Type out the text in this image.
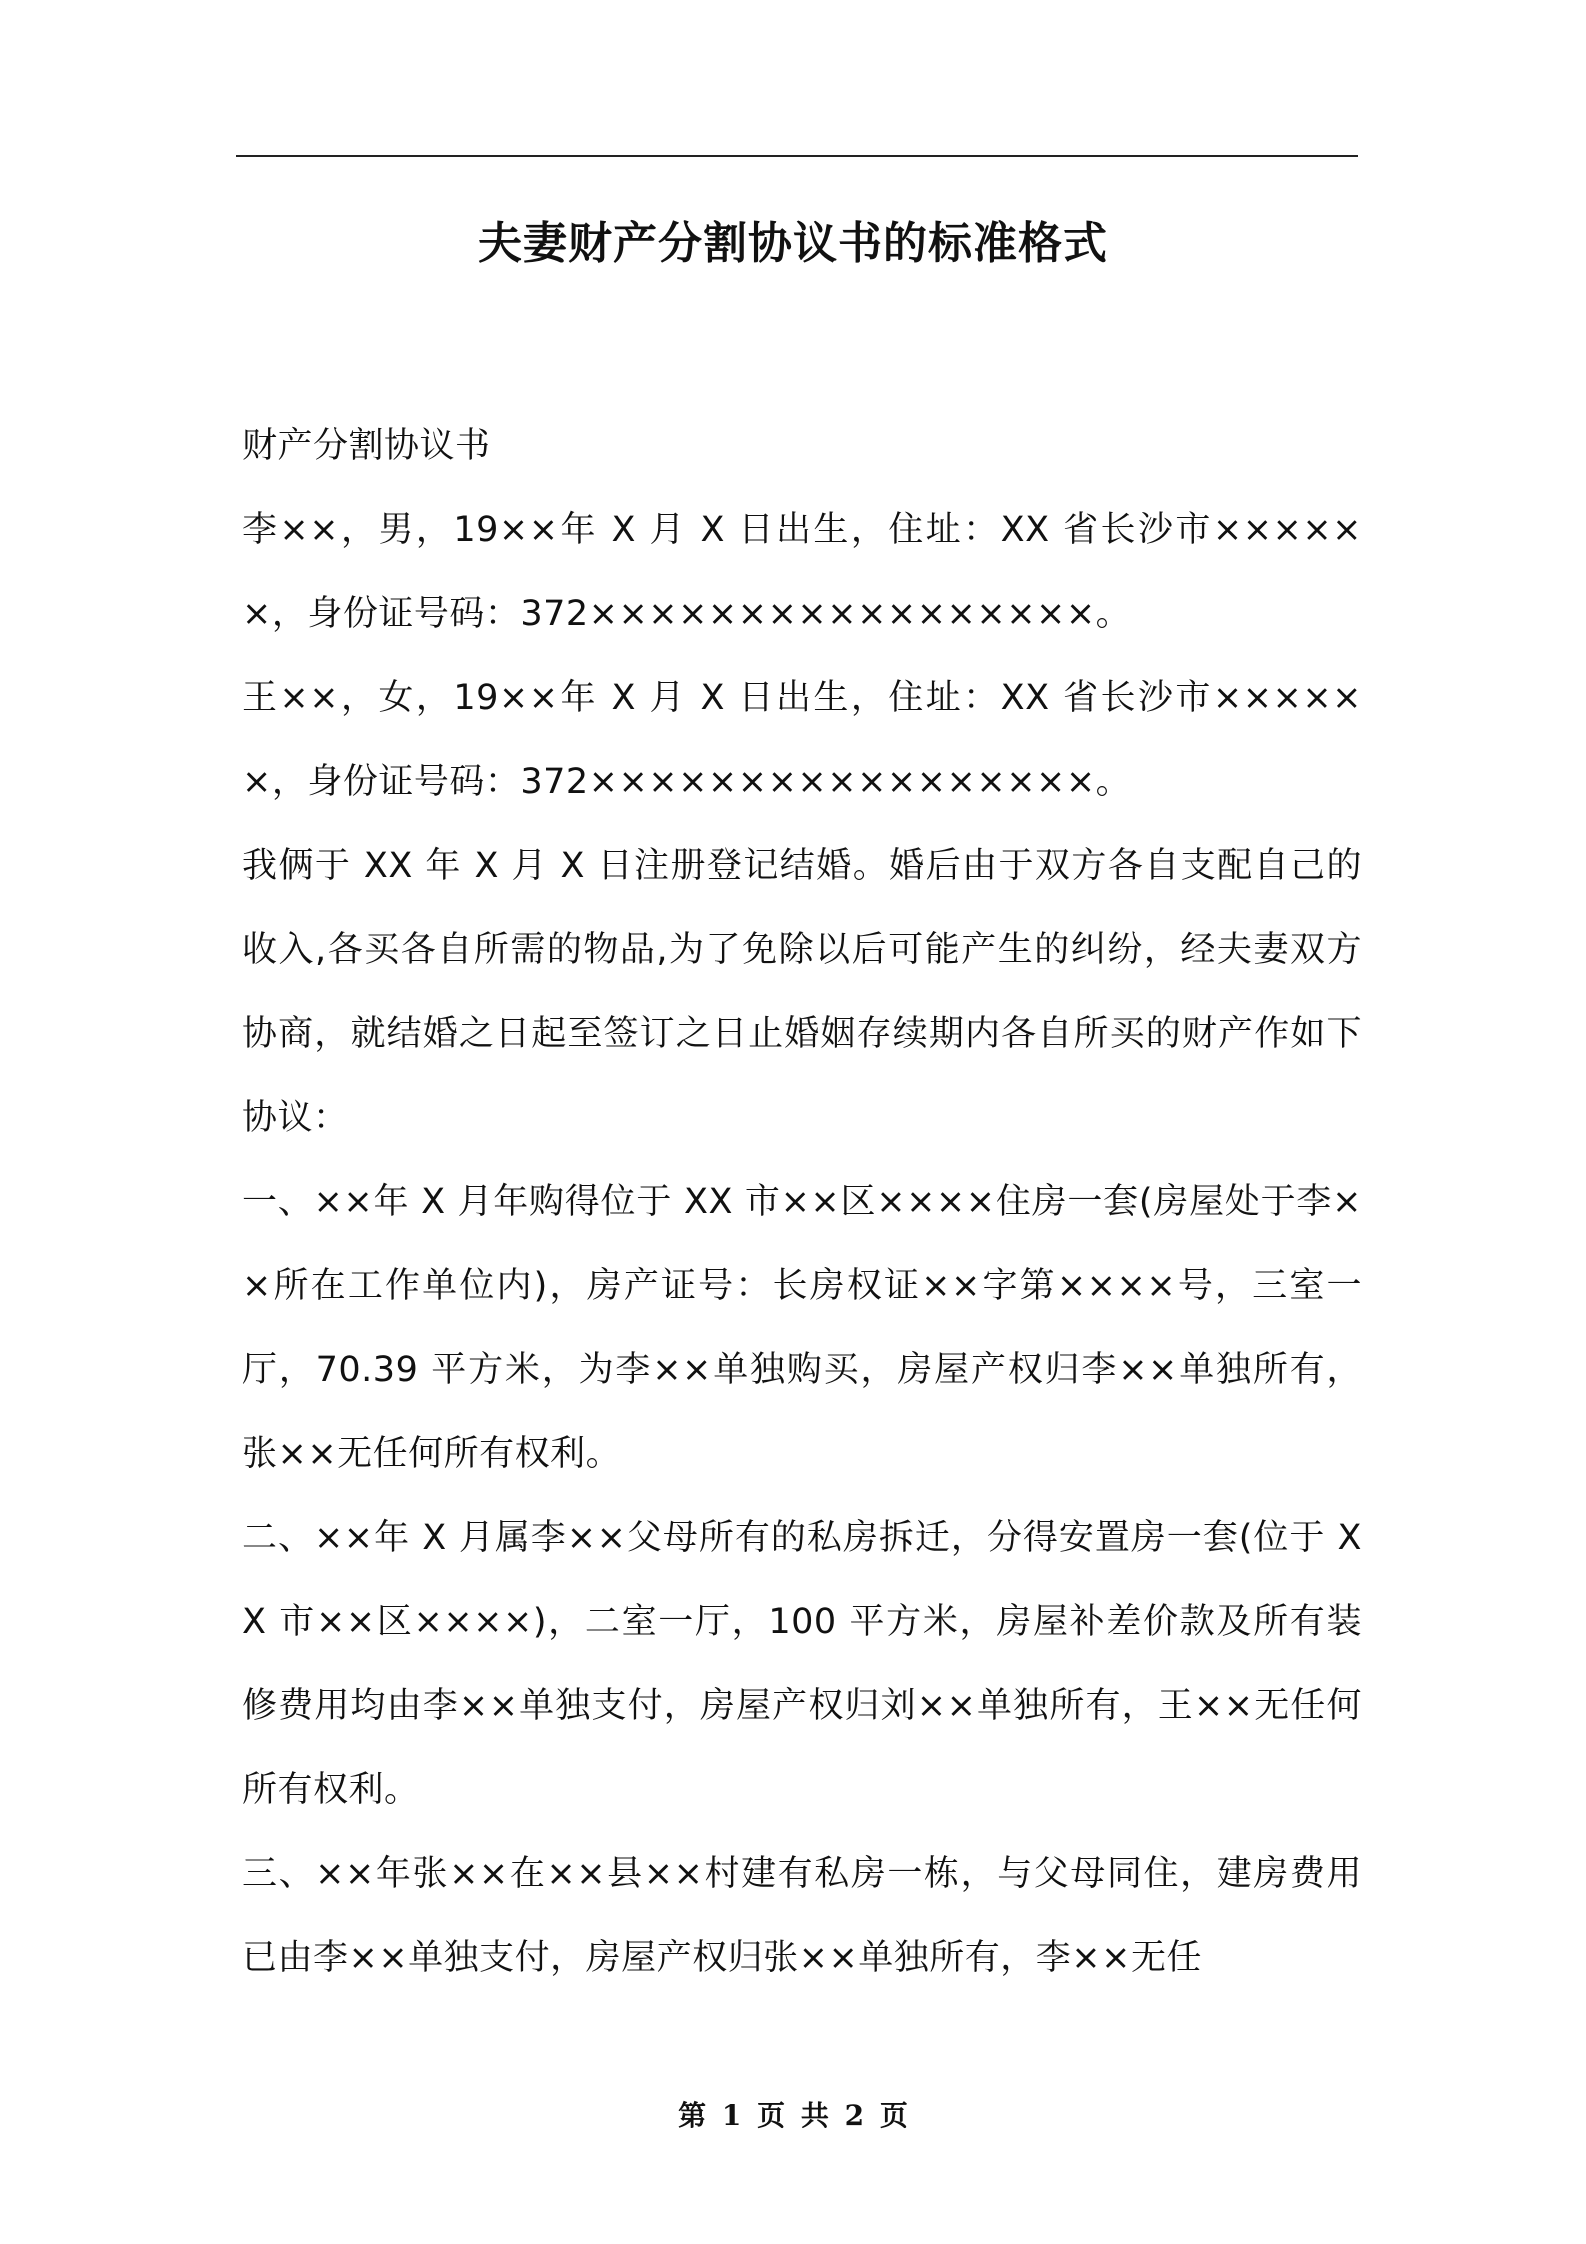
夫妻财产分割协议书的标准格式

财产分割协议书

李××，男，19××年 X 月 X 日出生，住址：XX 省长沙市××××××，身份证号码：372×××××××××××××××××。

王××，女，19××年 X 月 X 日出生，住址：XX 省长沙市××××××，身份证号码：372×××××××××××××××××。

我俩于 XX 年 X 月 X 日注册登记结婚。婚后由于双方各自支配自己的收入,各买各自所需的物品,为了免除以后可能产生的纠纷，经夫妻双方协商，就结婚之日起至签订之日止婚姻存续期内各自所买的财产作如下协议：

一、××年 X 月年购得位于 XX 市××区××××住房一套(房屋处于李××所在工作单位内)，房产证号：长房权证××字第××××号，三室一厅，70.39 平方米，为李××单独购买，房屋产权归李××单独所有，张××无任何所有权利。

二、××年 X 月属李××父母所有的私房拆迁，分得安置房一套(位于 XX 市××区××××)，二室一厅，100 平方米，房屋补差价款及所有装修费用均由李××单独支付，房屋产权归刘××单独所有，王××无任何所有权利。

三、××年张××在××县××村建有私房一栋，与父母同住，建房费用已由李××单独支付，房屋产权归张××单独所有，李××无任

第 1 页 共 2 页
